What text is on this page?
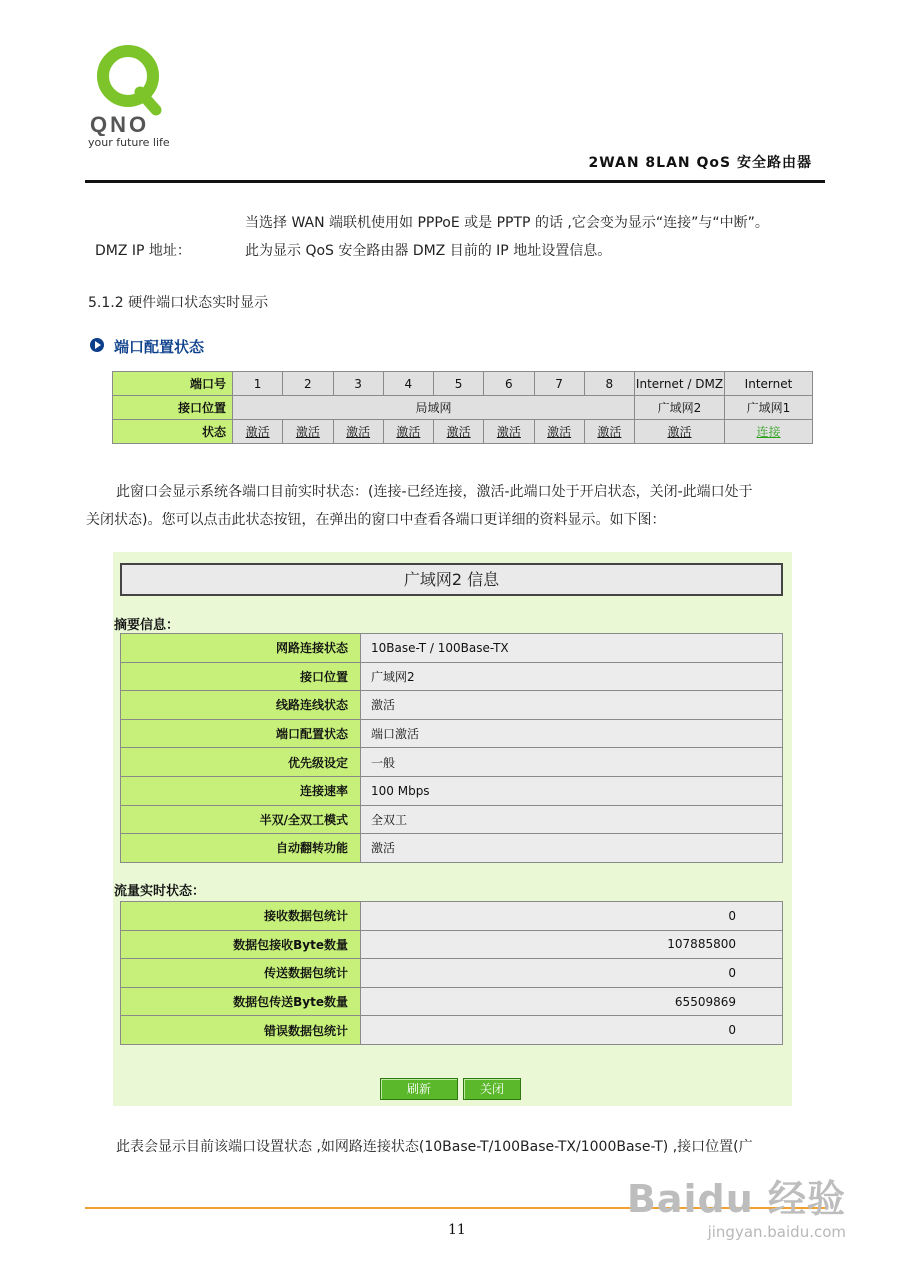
QNO
your future life
2WAN 8LAN QoS 安全路由器
当选择 WAN 端联机使用如 PPPoE 或是 PPTP 的话 ,它会变为显示“连接”与“中断”。
DMZ IP 地址：	此为显示 QoS 安全路由器 DMZ 目前的 IP 地址设置信息。
5.1.2 硬件端口状态实时显示
端口配置状态
端口号	1	2	3	4	5	6	7	8	Internet / DMZ	Internet
接口位置	局域网								广域网2	广域网1
状态	激活	激活	激活	激活	激活	激活	激活	激活	激活	连接
此窗口会显示系统各端口目前实时状态：(连接-已经连接，激活-此端口处于开启状态，关闭-此端口处于
关闭状态)。您可以点击此状态按钮，在弹出的窗口中查看各端口更详细的资料显示。如下图：
广域网2 信息
摘要信息：
网路连接状态	10Base-T / 100Base-TX
接口位置	广域网2
线路连线状态	激活
端口配置状态	端口激活
优先级设定	一般
连接速率	100 Mbps
半双/全双工模式	全双工
自动翻转功能	激活
流量实时状态：
接收数据包统计	0
数据包接收Byte数量	107885800
传送数据包统计	0
数据包传送Byte数量	65509869
错误数据包统计	0
刷新	关闭
此表会显示目前该端口设置状态 ,如网路连接状态(10Base-T/100Base-TX/1000Base-T) ,接口位置(广
11
Baidu 经验
jingyan.baidu.com
